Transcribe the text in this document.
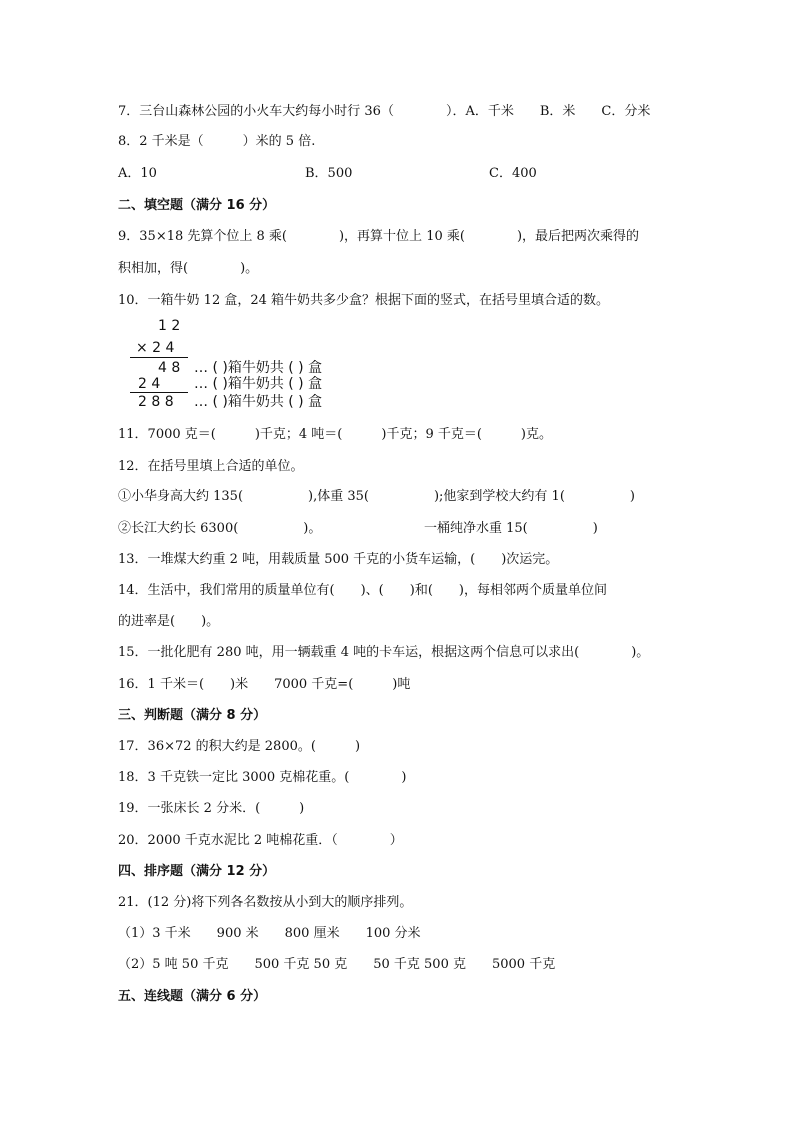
7．三台山森林公园的小火车大约每小时行 36（　　　　）．A．千米　　B．米　　C．分米
8．2 千米是（　　　）米的 5 倍.
A．10	B．500	C．400
二、填空题（满分 16 分）
9．35×18 先算个位上 8 乘(　　　　)，再算十位上 10 乘(　　　　)，最后把两次乘得的
积相加，得(　　　　)。
10．一箱牛奶 12 盒，24 箱牛奶共多少盒？根据下面的竖式，在括号里填合适的数。
1 2
× 2 4
4 8 … ( )箱牛奶共 ( ) 盒
2 4 … ( )箱牛奶共 ( ) 盒
2 8 8 … ( )箱牛奶共 ( ) 盒
11．7000 克＝(　　　)千克；4 吨＝(　　　)千克；9 千克＝(　　　)克。
12．在括号里填上合适的单位。
①小华身高大约 135(　　　　　),体重 35(　　　　　);他家到学校大约有 1(　　　　　)
②长江大约长 6300(　　　　　)。	一桶纯净水重 15(　　　　　)
13．一堆煤大约重 2 吨，用载质量 500 千克的小货车运输，(　　)次运完。
14．生活中，我们常用的质量单位有(　　)、(　　)和(　　)，每相邻两个质量单位间
的进率是(　　)。
15．一批化肥有 280 吨，用一辆载重 4 吨的卡车运，根据这两个信息可以求出(　　　　)。
16．1 千米＝(　　)米　　7000 千克=(　　　)吨
三、判断题（满分 8 分）
17．36×72 的积大约是 2800。(　　　)
18．3 千克铁一定比 3000 克棉花重。(　　　　)
19．一张床长 2 分米．(　　　)
20．2000 千克水泥比 2 吨棉花重．（　　　　）
四、排序题（满分 12 分）
21．(12 分)将下列各名数按从小到大的顺序排列。
（1）3 千米　　900 米　　800 厘米　　100 分米
（2）5 吨 50 千克　　500 千克 50 克　　50 千克 500 克　　5000 千克
五、连线题（满分 6 分）
